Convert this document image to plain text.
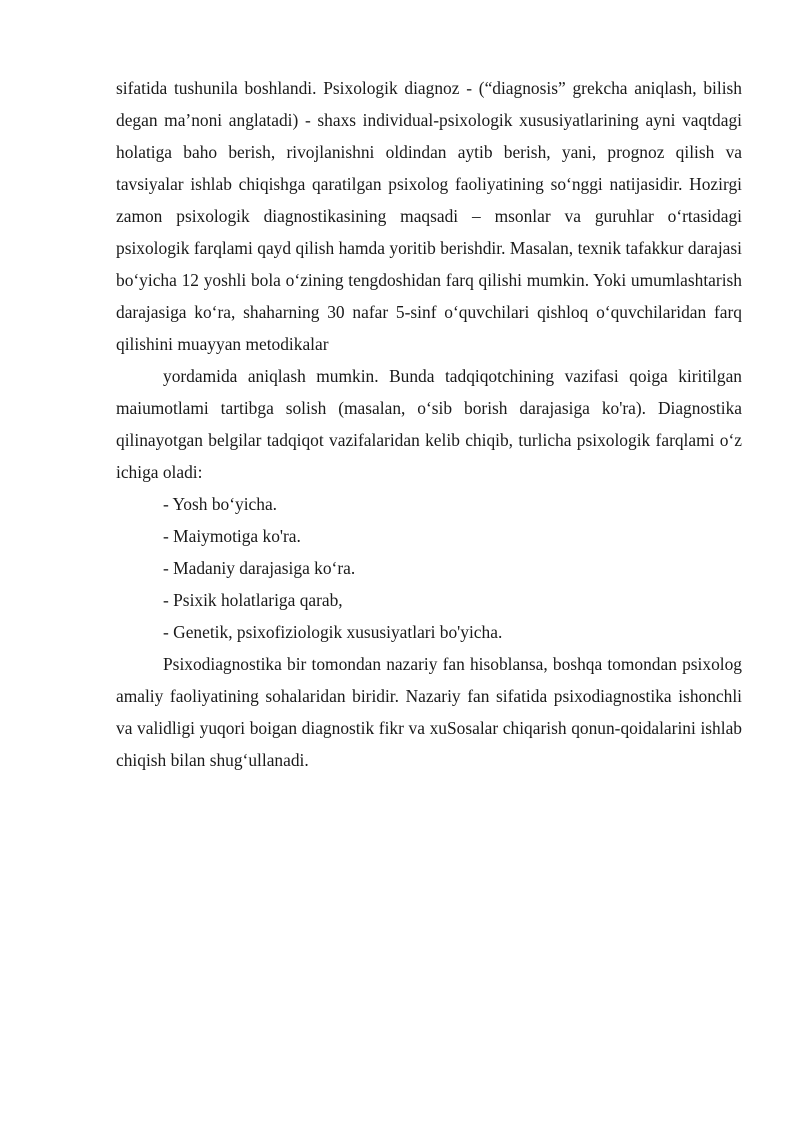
sifatida tushunila boshlandi. Psixologik diagnoz - (“diagnosis” grekcha aniqlash, bilish degan ma’noni anglatadi) - shaxs individual-psixologik xususiyatlarining ayni vaqtdagi holatiga baho berish, rivojlanishni oldindan aytib berish, yani, prognoz qilish va tavsiyalar ishlab chiqishga qaratilgan psixolog faoliyatining so‘nggi natijasidir. Hozirgi zamon psixologik diagnostikasining maqsadi – msonlar va guruhlar o‘rtasidagi psixologik farqlami qayd qilish hamda yoritib berishdir. Masalan, texnik tafakkur darajasi bo‘yicha 12 yoshli bola o‘zining tengdoshidan farq qilishi mumkin. Yoki umumlashtarish darajasiga ko‘ra, shaharning 30 nafar 5-sinf o‘quvchilari qishloq o‘quvchilaridan farq qilishini muayyan metodikalar

yordamida aniqlash mumkin. Bunda tadqiqotchining vazifasi qoiga kiritilgan maiumotlami tartibga solish (masalan, o‘sib borish darajasiga ko'ra). Diagnostika qilinayotgan belgilar tadqiqot vazifalaridan kelib chiqib, turlicha psixologik farqlami o‘z ichiga oladi:

- Yosh bo‘yicha.
- Maiymotiga ko'ra.
- Madaniy darajasiga ko‘ra.
- Psixik holatlariga qarab,
- Genetik, psixofiziologik xususiyatlari bo'yicha.

Psixodiagnostika bir tomondan nazariy fan hisoblansa, boshqa tomondan psixolog amaliy faoliyatining sohalaridan biridir. Nazariy fan sifatida psixodiagnostika ishonchli va validligi yuqori boigan diagnostik fikr va xuSosalar chiqarish qonun-qoidalarini ishlab chiqish bilan shug‘ullanadi.
